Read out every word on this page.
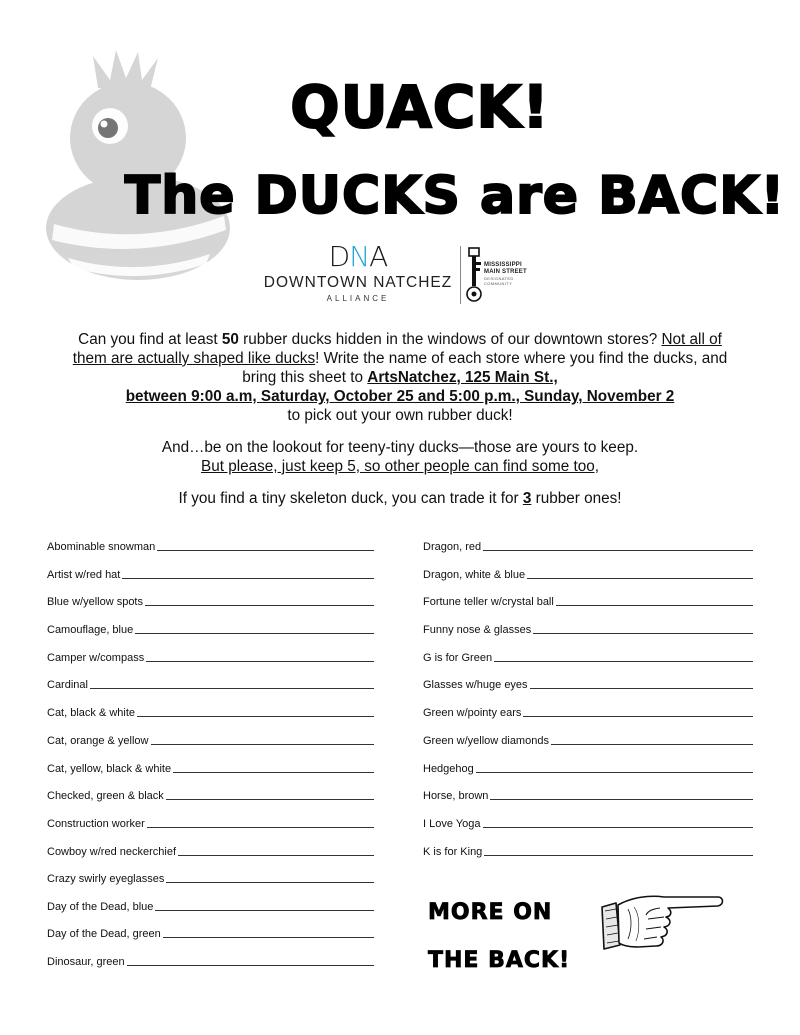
QUACK!
The DUCKS are BACK!
D N A
DOWNTOWN NATCHEZ
ALLIANCE
MISSISSIPPI
MAIN STREET
DESIGNATED COMMUNITY

Can you find at least 50 rubber ducks hidden in the windows of our downtown stores? Not all of
them are actually shaped like ducks! Write the name of each store where you find the ducks, and
bring this sheet to ArtsNatchez, 125 Main St.,
between 9:00 a.m, Saturday, October 25 and 5:00 p.m., Sunday, November 2
to pick out your own rubber duck!

And…be on the lookout for teeny-tiny ducks—those are yours to keep.
But please, just keep 5, so other people can find some too,

If you find a tiny skeleton duck, you can trade it for 3 rubber ones!

Abominable snowman
Artist w/red hat
Blue w/yellow spots
Camouflage, blue
Camper w/compass
Cardinal
Cat, black & white
Cat, orange & yellow
Cat, yellow, black & white
Checked, green & black
Construction worker
Cowboy w/red neckerchief
Crazy swirly eyeglasses
Day of the Dead, blue
Day of the Dead, green
Dinosaur, green
Dragon, red
Dragon, white & blue
Fortune teller w/crystal ball
Funny nose & glasses
G is for Green
Glasses w/huge eyes
Green w/pointy ears
Green w/yellow diamonds
Hedgehog
Horse, brown
I Love Yoga
K is for King
MORE ON
THE BACK!
